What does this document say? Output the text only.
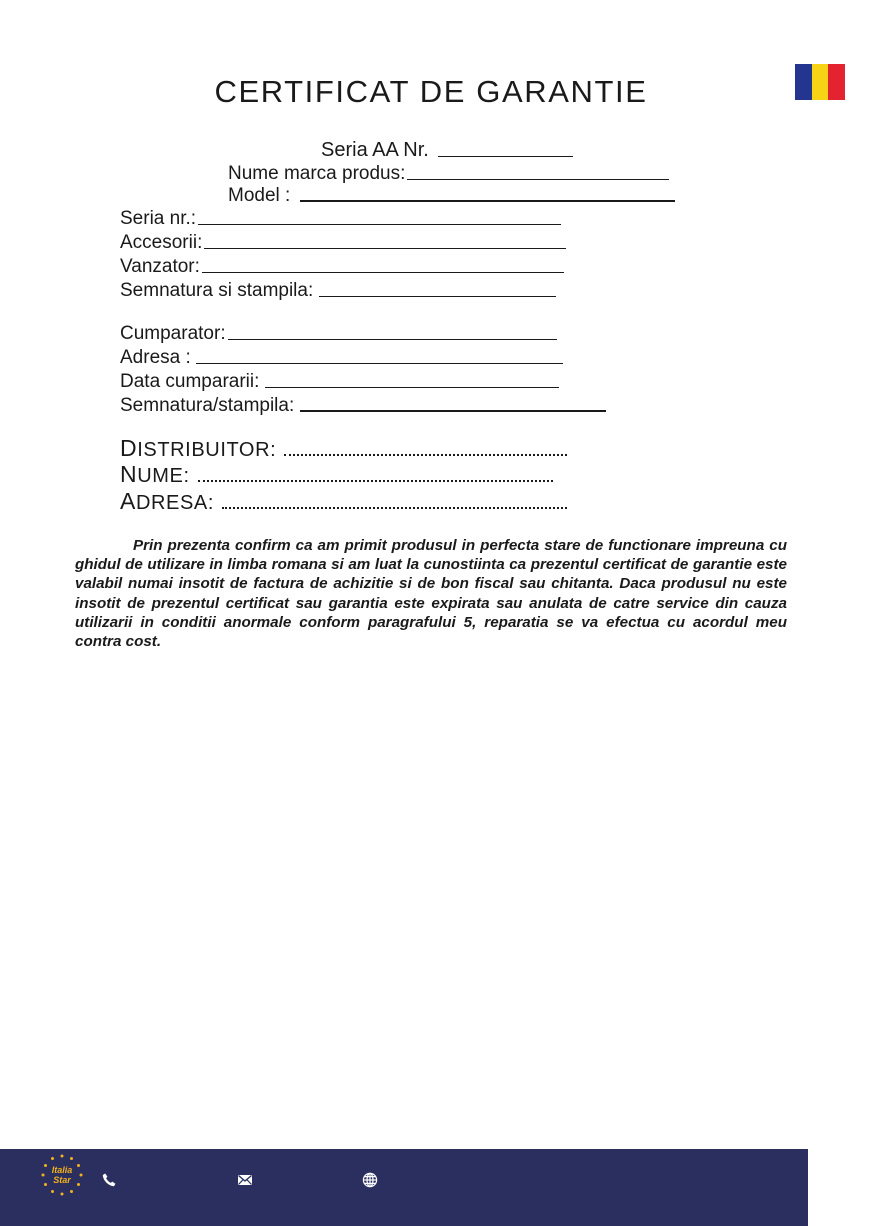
CERTIFICAT DE GARANTIE
Seria AA Nr.
Nume marca produs:
Model :
Seria nr.:
Accesorii:
Vanzator:
Semnatura si stampila:
Cumparator:
Adresa :
Data cumpararii:
Semnatura/stampila:
DISTRIBUITOR:
NUME:
ADRESA:
Prin prezenta confirm ca am primit produsul in perfecta stare de functionare impreuna cu ghidul de utilizare in limba romana si am luat la cunostiinta ca prezentul certificat de garantie este valabil numai insotit de factura de achizitie si de bon fiscal sau chitanta. Daca produsul nu este insotit de prezentul certificat sau garantia este expirata sau anulata de catre service din cauza utilizarii in conditii anormale conform paragrafului 5, reparatia se va efectua cu acordul meu contra cost.
Italia
Star
